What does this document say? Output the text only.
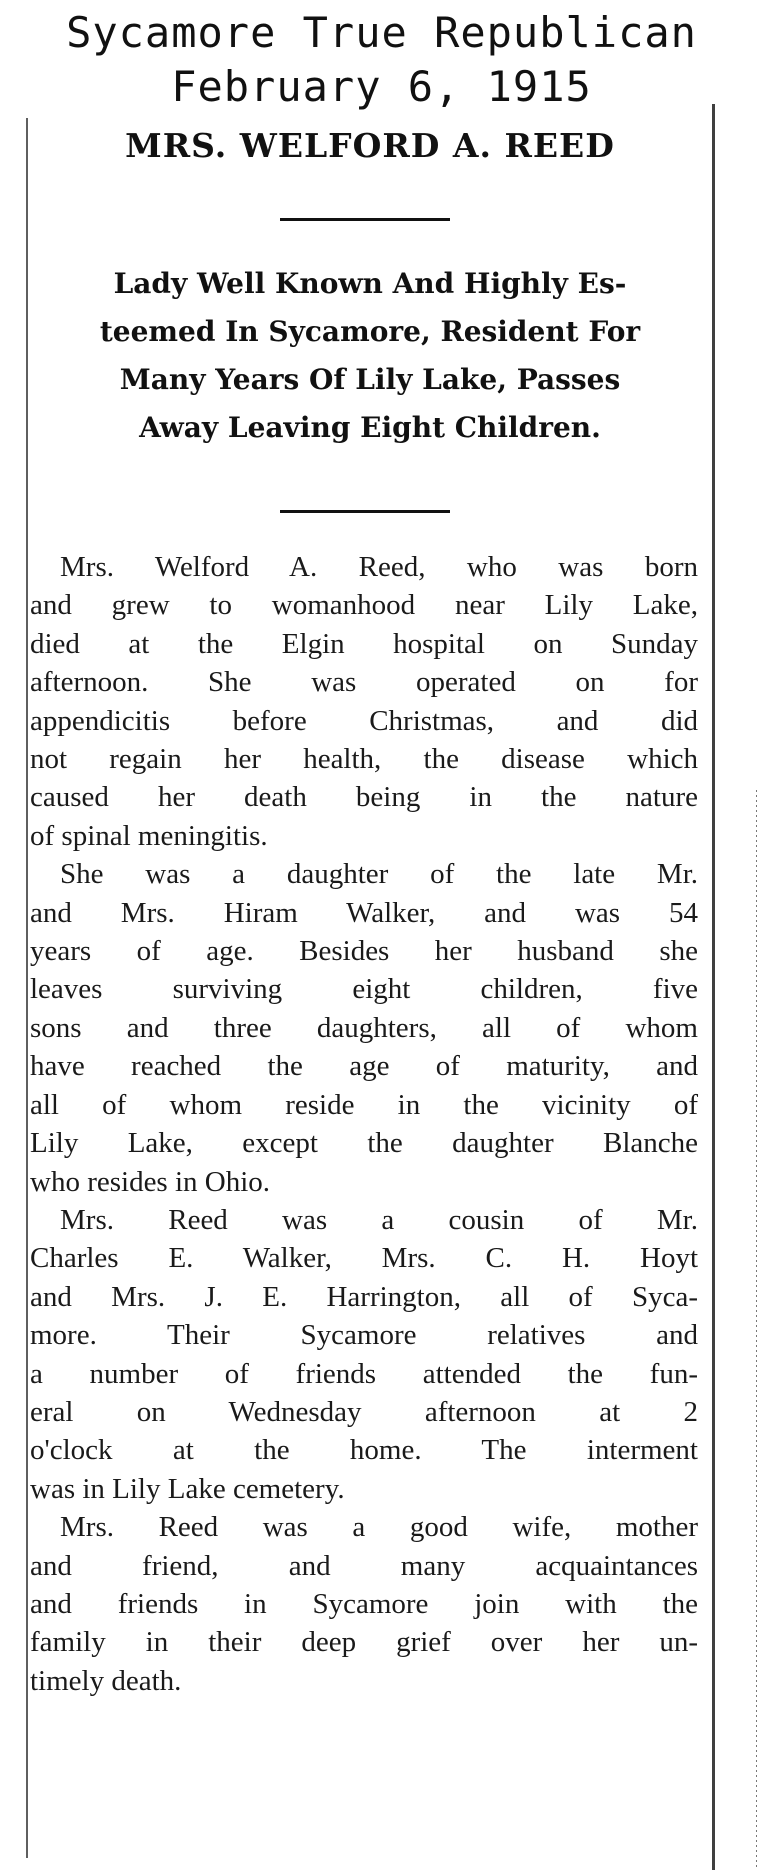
Sycamore True Republican
February 6, 1915
MRS. WELFORD A. REED
Lady Well Known And Highly Es-
teemed In Sycamore, Resident For
Many Years Of Lily Lake, Passes
Away Leaving Eight Children.
Mrs. Welford A. Reed, who was born
and grew to womanhood near Lily Lake,
died at the Elgin hospital on Sunday
afternoon. She was operated on for
appendicitis before Christmas, and did
not regain her health, the disease which
caused her death being in the nature
of spinal meningitis.
She was a daughter of the late Mr.
and Mrs. Hiram Walker, and was 54
years of age. Besides her husband she
leaves surviving eight children, five
sons and three daughters, all of whom
have reached the age of maturity, and
all of whom reside in the vicinity of
Lily Lake, except the daughter Blanche
who resides in Ohio.
Mrs. Reed was a cousin of Mr.
Charles E. Walker, Mrs. C. H. Hoyt
and Mrs. J. E. Harrington, all of Syca-
more. Their Sycamore relatives and
a number of friends attended the fun-
eral on Wednesday afternoon at 2
o'clock at the home. The interment
was in Lily Lake cemetery.
Mrs. Reed was a good wife, mother
and friend, and many acquaintances
and friends in Sycamore join with the
family in their deep grief over her un-
timely death.
